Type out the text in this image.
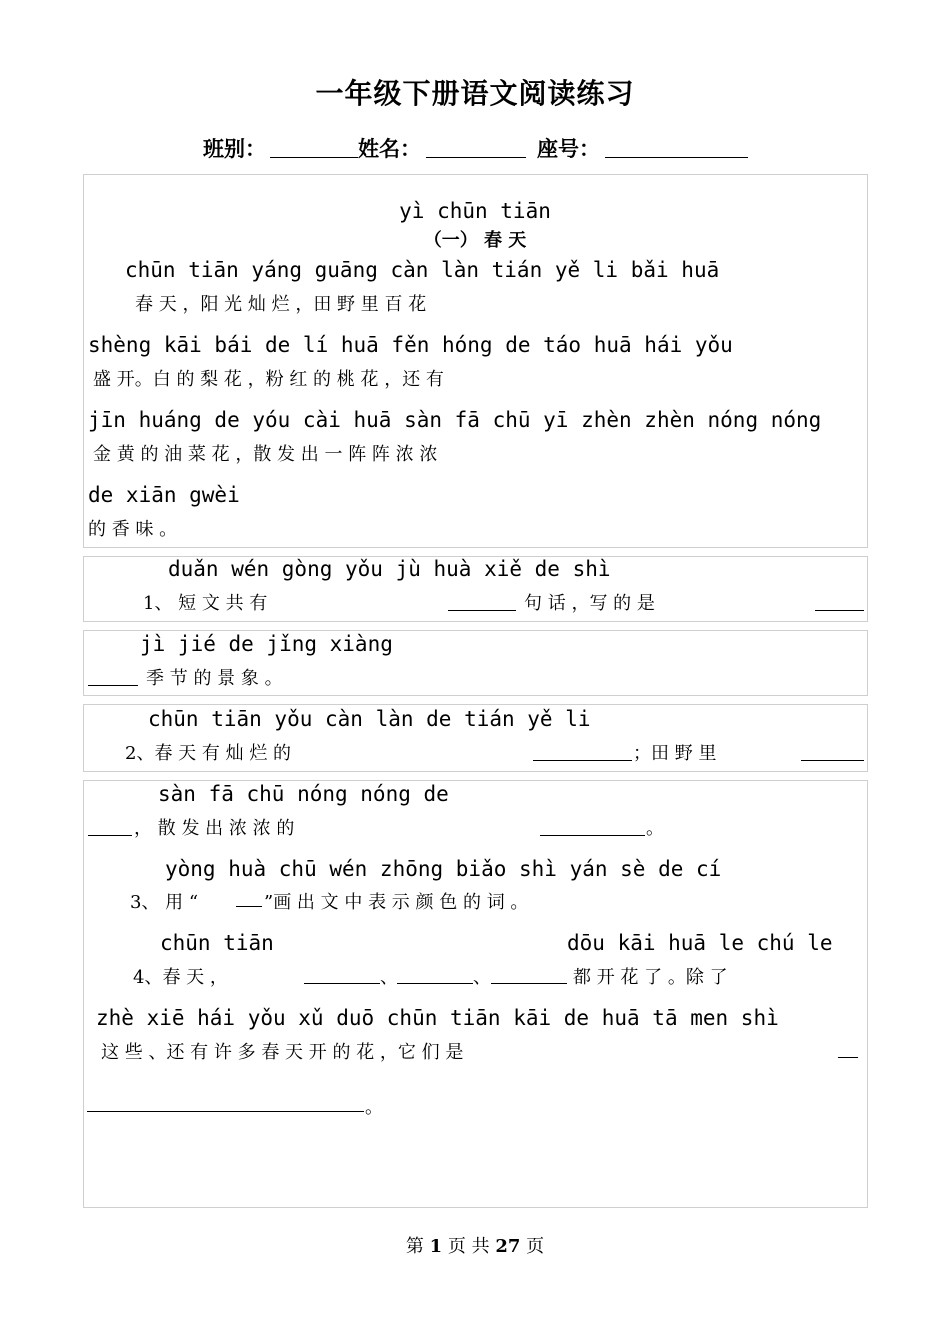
一年级下册语文阅读练习
班别：	姓名：	座号：
yì chūn tiān
（一） 春 天
chūn tiān yáng guāng càn làn tián yě li bǎi huā
春 天 ，阳 光 灿 烂 ，田 野 里 百 花
shèng kāi bái de lí huā fěn hóng de táo huā hái yǒu
盛 开。白 的 梨 花 ，粉 红 的 桃 花 ，还 有
jīn huáng de yóu cài huā sàn fā chū yī zhèn zhèn nóng nóng
金 黄 的 油 菜 花 ，散 发 出 一 阵 阵 浓 浓
de xiān gwèi
的 香 味 。
duǎn wén gòng yǒu jù huà xiě de shì
1、 短 文 共 有	句 话 ，写 的 是
jì jié de jǐng xiàng
季 节 的 景 象 。
chūn tiān yǒu càn làn de tián yě li
2、春 天 有 灿 烂 的	；田 野 里
sàn fā chū nóng nóng de
， 散 发 出 浓 浓 的	。
yòng huà chū wén zhōng biǎo shì yán sè de cí
3、 用 “	”画 出 文 中 表 示 颜 色 的 词 。
chūn tiān	dōu kāi huā le chú le
4、春 天 ，	、	、	都 开 花 了 。除 了
zhè xiē hái yǒu xǔ duō chūn tiān kāi de huā tā men shì
这 些 、还 有 许 多 春 天 开 的 花 ，它 们 是
。
第 1 页 共 27 页
